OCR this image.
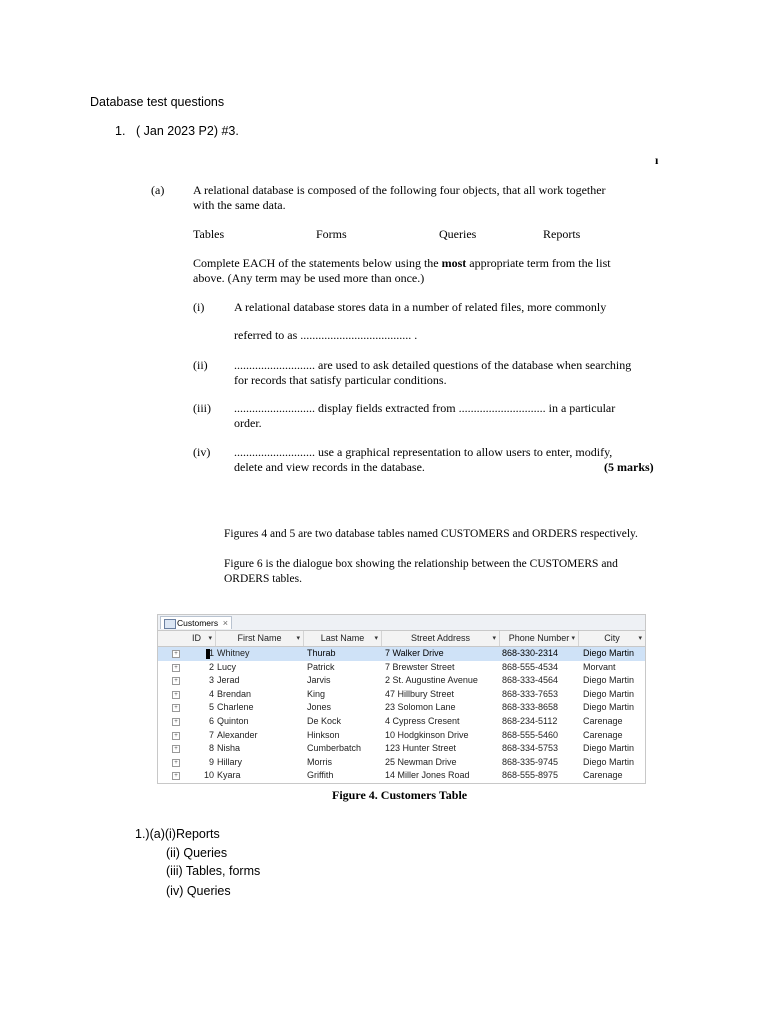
Database test questions
1. ( Jan 2023 P2) #3.
ı
(a) A relational database is composed of the following four objects, that all work together
with the same data.
Tables	Forms	Queries	Reports
Complete EACH of the statements below using the most appropriate term from the list
above. (Any term may be used more than once.)
(i) A relational database stores data in a number of related files, more commonly
referred to as ..................................... .
(ii) ........................... are used to ask detailed questions of the database when searching
for records that satisfy particular conditions.
(iii) ........................... display fields extracted from ............................. in a particular
order.
(iv) ........................... use a graphical representation to allow users to enter, modify,
delete and view records in the database.	(5 marks)
Figures 4 and 5 are two database tables named CUSTOMERS and ORDERS respectively.
Figure 6 is the dialogue box showing the relationship between the CUSTOMERS and
ORDERS tables.
Customers ×
ID ▾	First Name ▾	Last Name ▾	Street Address	▾	Phone Number ▾	City	▾
+	1 Whitney	Thurab	7 Walker Drive	868-330-2314	Diego Martin
+	2 Lucy	Patrick	7 Brewster Street	868-555-4534	Morvant
+	3 Jerad	Jarvis	2 St. Augustine Avenue	868-333-4564	Diego Martin
+	4 Brendan	King	47 Hillbury Street	868-333-7653	Diego Martin
+	5 Charlene	Jones	23 Solomon Lane	868-333-8658	Diego Martin
+	6 Quinton	De Kock	4 Cypress Cresent	868-234-5112	Carenage
+	7 Alexander	Hinkson	10 Hodgkinson Drive	868-555-5460	Carenage
+	8 Nisha	Cumberbatch	123 Hunter Street	868-334-5753	Diego Martin
+	9 Hillary	Morris	25 Newman Drive	868-335-9745	Diego Martin
+	10 Kyara	Griffith	14 Miller Jones Road	868-555-8975	Carenage
Figure 4. Customers Table
1.)(a)(i)Reports
(ii) Queries
(iii) Tables, forms
(iv) Queries
